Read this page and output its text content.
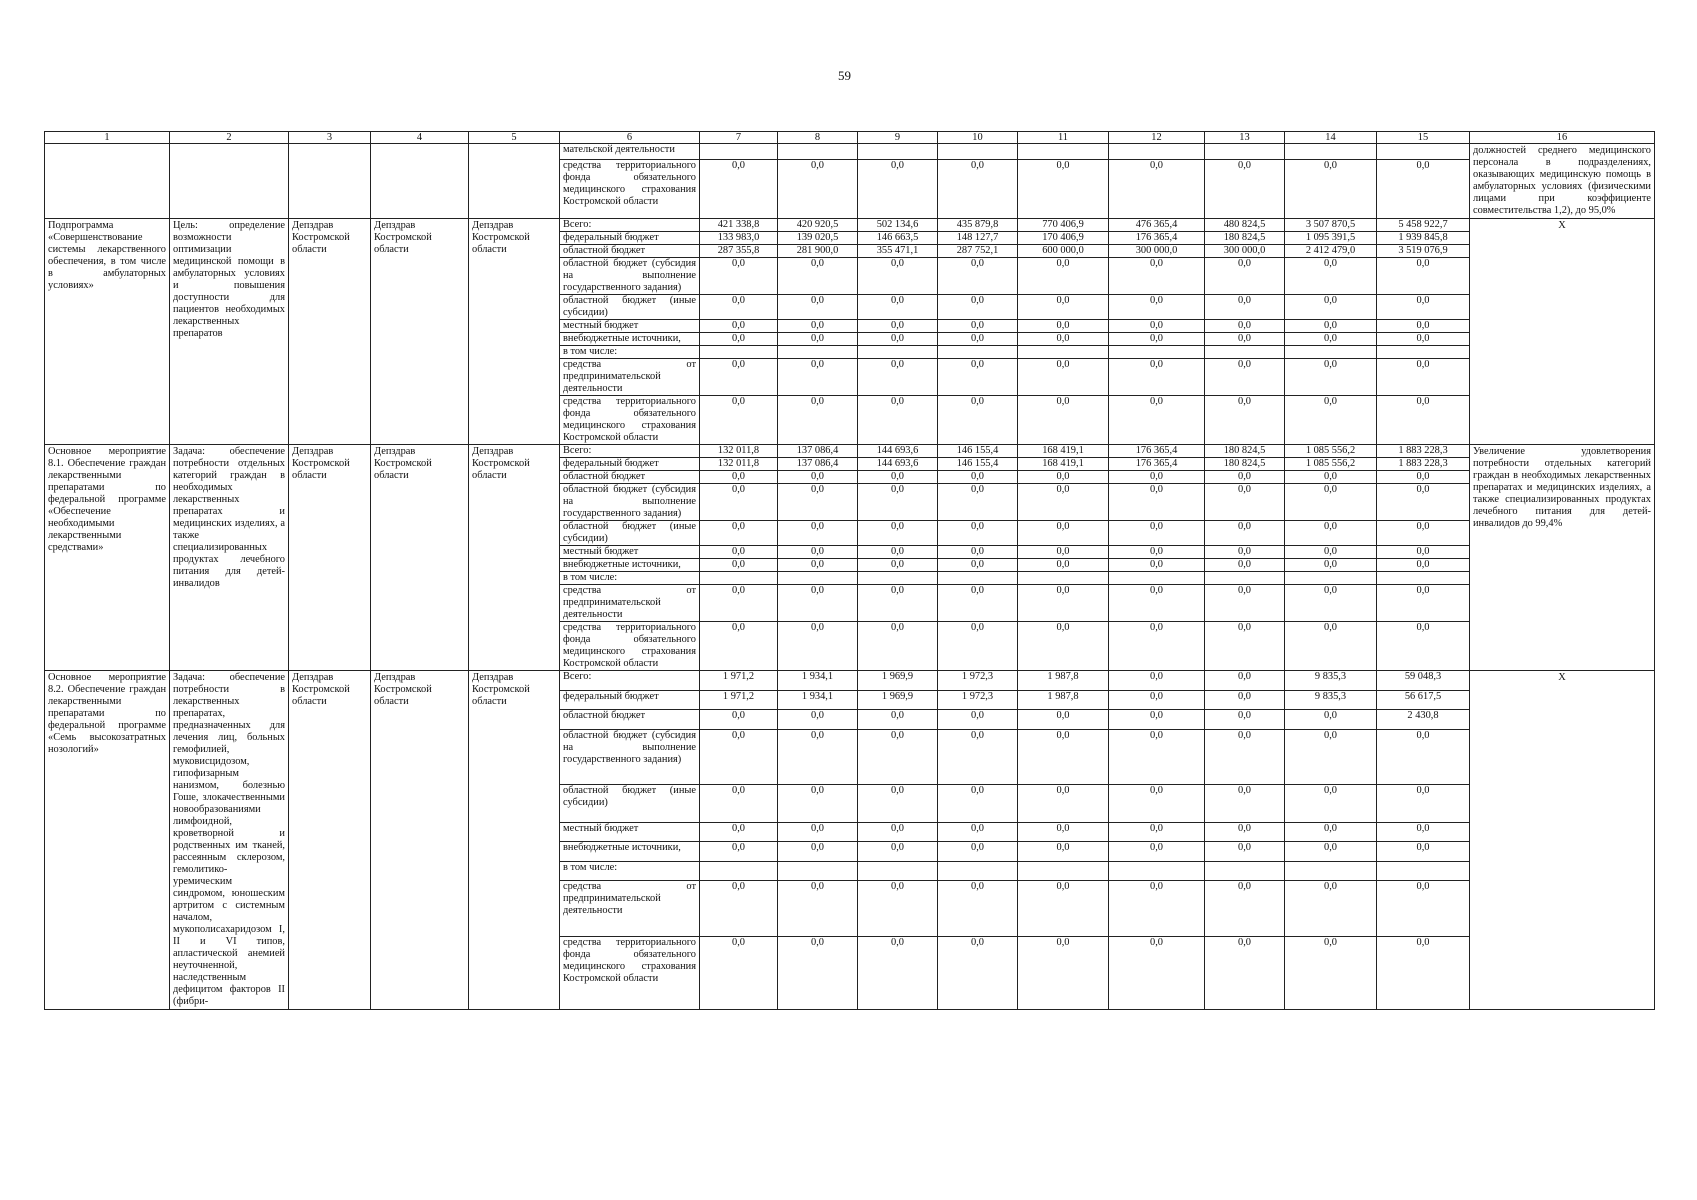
59
1	2	3	4	5	6	7	8	9	10	11	12	13	14	15	16
					мательской деятельности										должностей среднего медицинского персонала в подразделениях, оказывающих медицинскую помощь в амбулаторных условиях (физическими лицами при коэффициенте совместительства 1,2), до 95,0%
					средства территориального фонда обязательного медицинского страхования Костромской области	0,0	0,0	0,0	0,0	0,0	0,0	0,0	0,0	0,0	
Подпрограмма «Совершенствование системы лекарственного обеспечения, в том числе в амбулаторных условиях»	Цель: определение возможности оптимизации медицинской помощи в амбулаторных условиях и повышения доступности для пациентов необходимых лекарственных препаратов	Депздрав Костромской области	Депздрав Костромской области	Депздрав Костромской области	Всего:	421 338,8	420 920,5	502 134,6	435 879,8	770 406,9	476 365,4	480 824,5	3 507 870,5	5 458 922,7	Х
					федеральный бюджет	133 983,0	139 020,5	146 663,5	148 127,7	170 406,9	176 365,4	180 824,5	1 095 391,5	1 939 845,8	
					областной бюджет	287 355,8	281 900,0	355 471,1	287 752,1	600 000,0	300 000,0	300 000,0	2 412 479,0	3 519 076,9	
					областной бюджет (субсидия на выполнение государственного задания)	0,0	0,0	0,0	0,0	0,0	0,0	0,0	0,0	0,0	
					областной бюджет (иные субсидии)	0,0	0,0	0,0	0,0	0,0	0,0	0,0	0,0	0,0	
					местный бюджет	0,0	0,0	0,0	0,0	0,0	0,0	0,0	0,0	0,0	
					внебюджетные источники,	0,0	0,0	0,0	0,0	0,0	0,0	0,0	0,0	0,0	
					в том числе:										
					средства от предпринимательской деятельности	0,0	0,0	0,0	0,0	0,0	0,0	0,0	0,0	0,0	
					средства территориального фонда обязательного медицинского страхования Костромской области	0,0	0,0	0,0	0,0	0,0	0,0	0,0	0,0	0,0	
Основное мероприятие 8.1. Обеспечение граждан лекарственными препаратами по федеральной программе «Обеспечение необходимыми лекарственными средствами»	Задача: обеспечение потребности отдельных категорий граждан в необходимых лекарственных препаратах и медицинских изделиях, а также специализированных продуктах лечебного питания для детей-инвалидов	Депздрав Костромской области	Депздрав Костромской области	Депздрав Костромской области	Всего:	132 011,8	137 086,4	144 693,6	146 155,4	168 419,1	176 365,4	180 824,5	1 085 556,2	1 883 228,3	Увеличение удовлетворения потребности отдельных категорий граждан в необходимых лекарственных препаратах и медицинских изделиях, а также специализированных продуктах лечебного питания для детей-инвалидов до 99,4%
					федеральный бюджет	132 011,8	137 086,4	144 693,6	146 155,4	168 419,1	176 365,4	180 824,5	1 085 556,2	1 883 228,3	
					областной бюджет	0,0	0,0	0,0	0,0	0,0	0,0	0,0	0,0	0,0	
					областной бюджет (субсидия на выполнение государственного задания)	0,0	0,0	0,0	0,0	0,0	0,0	0,0	0,0	0,0	
					областной бюджет (иные субсидии)	0,0	0,0	0,0	0,0	0,0	0,0	0,0	0,0	0,0	
					местный бюджет	0,0	0,0	0,0	0,0	0,0	0,0	0,0	0,0	0,0	
					внебюджетные источники,	0,0	0,0	0,0	0,0	0,0	0,0	0,0	0,0	0,0	
					в том числе:										
					средства от предпринимательской деятельности	0,0	0,0	0,0	0,0	0,0	0,0	0,0	0,0	0,0	
					средства территориального фонда обязательного медицинского страхования Костромской области	0,0	0,0	0,0	0,0	0,0	0,0	0,0	0,0	0,0	
Основное мероприятие 8.2. Обеспечение граждан лекарственными препаратами по федеральной программе «Семь высокозатратных нозологий»	Задача: обеспечение потребности в лекарственных препаратах, предназначенных для лечения лиц, больных гемофилией, муковисцидозом, гипофизарным нанизмом, болезнью Гоше, злокачественными новообразованиями лимфоидной, кроветворной и родственных им тканей, рассеянным склерозом, гемолитико-уремическим синдромом, юношеским артритом с системным началом, мукополисахаридозом I, II и VI типов, апластической анемией неуточненной, наследственным дефицитом факторов II (фибри-	Депздрав Костромской области	Депздрав Костромской области	Депздрав Костромской области	Всего:	1 971,2	1 934,1	1 969,9	1 972,3	1 987,8	0,0	0,0	9 835,3	59 048,3	Х
					федеральный бюджет	1 971,2	1 934,1	1 969,9	1 972,3	1 987,8	0,0	0,0	9 835,3	56 617,5	
					областной бюджет	0,0	0,0	0,0	0,0	0,0	0,0	0,0	0,0	2 430,8	
					областной бюджет (субсидия на выполнение государственного задания)	0,0	0,0	0,0	0,0	0,0	0,0	0,0	0,0	0,0	
					областной бюджет (иные субсидии)	0,0	0,0	0,0	0,0	0,0	0,0	0,0	0,0	0,0	
					местный бюджет	0,0	0,0	0,0	0,0	0,0	0,0	0,0	0,0	0,0	
					внебюджетные источники,	0,0	0,0	0,0	0,0	0,0	0,0	0,0	0,0	0,0	
					в том числе:										
					средства от предпринимательской деятельности	0,0	0,0	0,0	0,0	0,0	0,0	0,0	0,0	0,0	
					средства территориального фонда обязательного медицинского страхования Костромской области	0,0	0,0	0,0	0,0	0,0	0,0	0,0	0,0	0,0	
